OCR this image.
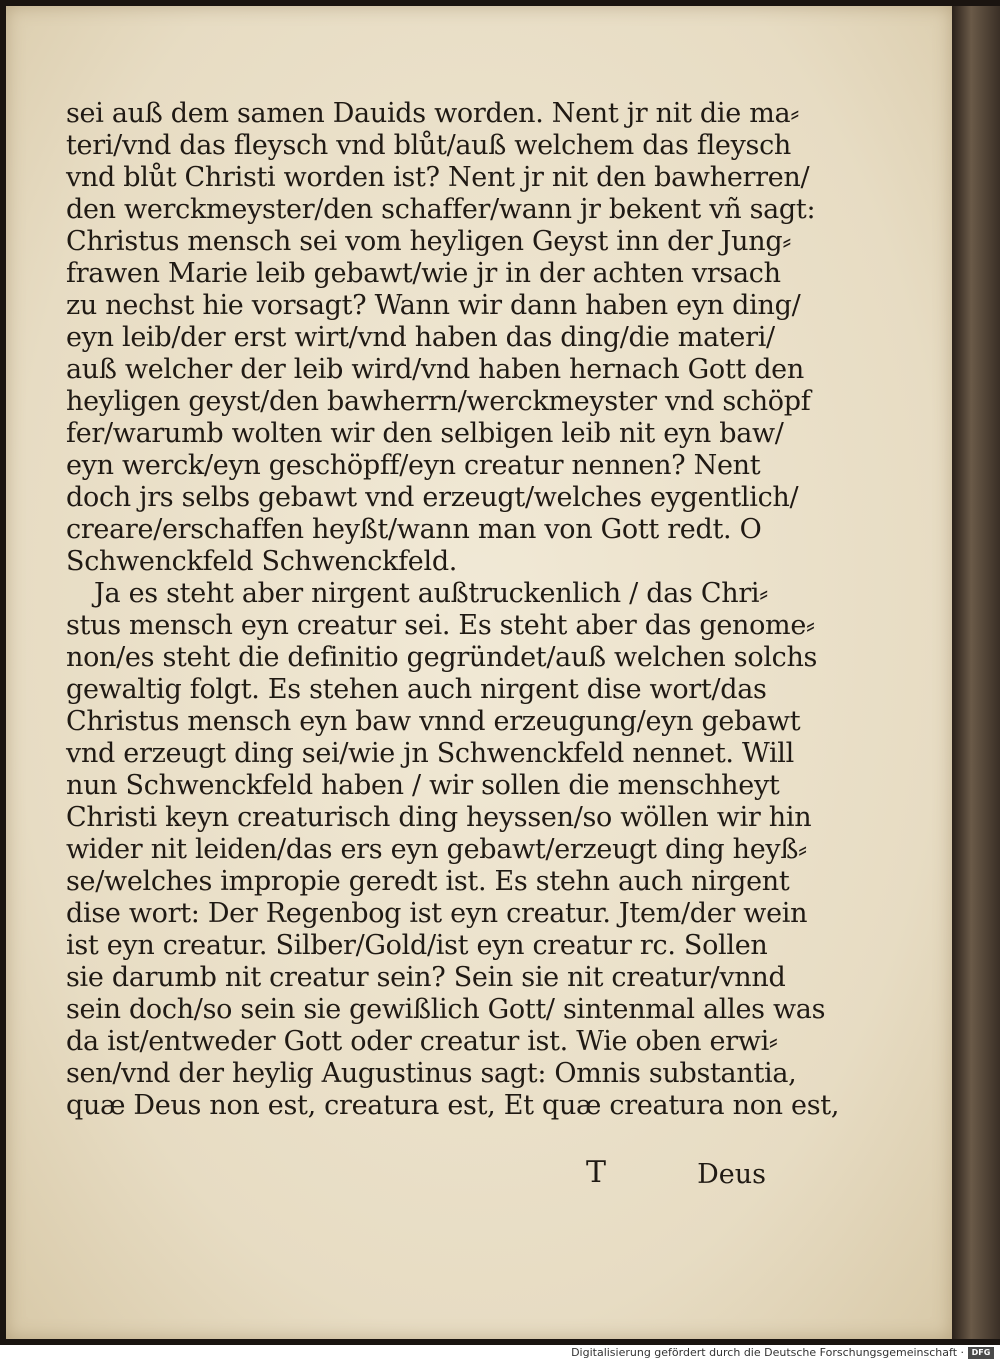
sei auß dem samen Dauids worden. Nent jr nit die ma⸗
teri/vnd das fleysch vnd blůt/auß welchem das fleysch
vnd blůt Christi worden ist? Nent jr nit den bawherren/
den werckmeyster/den schaffer/wann jr bekent vñ sagt:
Christus mensch sei vom heyligen Geyst inn der Jung⸗
frawen Marie leib gebawt/wie jr in der achten vrsach
zu nechst hie vorsagt? Wann wir dann haben eyn ding/
eyn leib/der erst wirt/vnd haben das ding/die materi/
auß welcher der leib wird/vnd haben hernach Gott den
heyligen geyst/den bawherrn/werckmeyster vnd schöpf
fer/warumb wolten wir den selbigen leib nit eyn baw/
eyn werck/eyn geschöpff/eyn creatur nennen? Nent
doch jrs selbs gebawt vnd erzeugt/welches eygentlich/
creare/erschaffen heyßt/wann man von Gott redt. O
Schwenckfeld Schwenckfeld.
Ja es steht aber nirgent außtruckenlich / das Chri⸗
stus mensch eyn creatur sei. Es steht aber das genome⸗
non/es steht die definitio gegründet/auß welchen solchs
gewaltig folgt. Es stehen auch nirgent dise wort/das
Christus mensch eyn baw vnnd erzeugung/eyn gebawt
vnd erzeugt ding sei/wie jn Schwenckfeld nennet. Will
nun Schwenckfeld haben / wir sollen die menschheyt
Christi keyn creaturisch ding heyssen/so wöllen wir hin
wider nit leiden/das ers eyn gebawt/erzeugt ding heyß⸗
se/welches impropie geredt ist. Es stehn auch nirgent
dise wort: Der Regenbog ist eyn creatur. Jtem/der wein
ist eyn creatur. Silber/Gold/ist eyn creatur rc. Sollen
sie darumb nit creatur sein? Sein sie nit creatur/vnnd
sein doch/so sein sie gewißlich Gott/ sintenmal alles was
da ist/entweder Gott oder creatur ist. Wie oben erwi⸗
sen/vnd der heylig Augustinus sagt: Omnis substantia,
quæ Deus non est, creatura est, Et quæ creatura non est,
T	Deus
Digitalisierung gefördert durch die Deutsche Forschungsgemeinschaft · DFG
